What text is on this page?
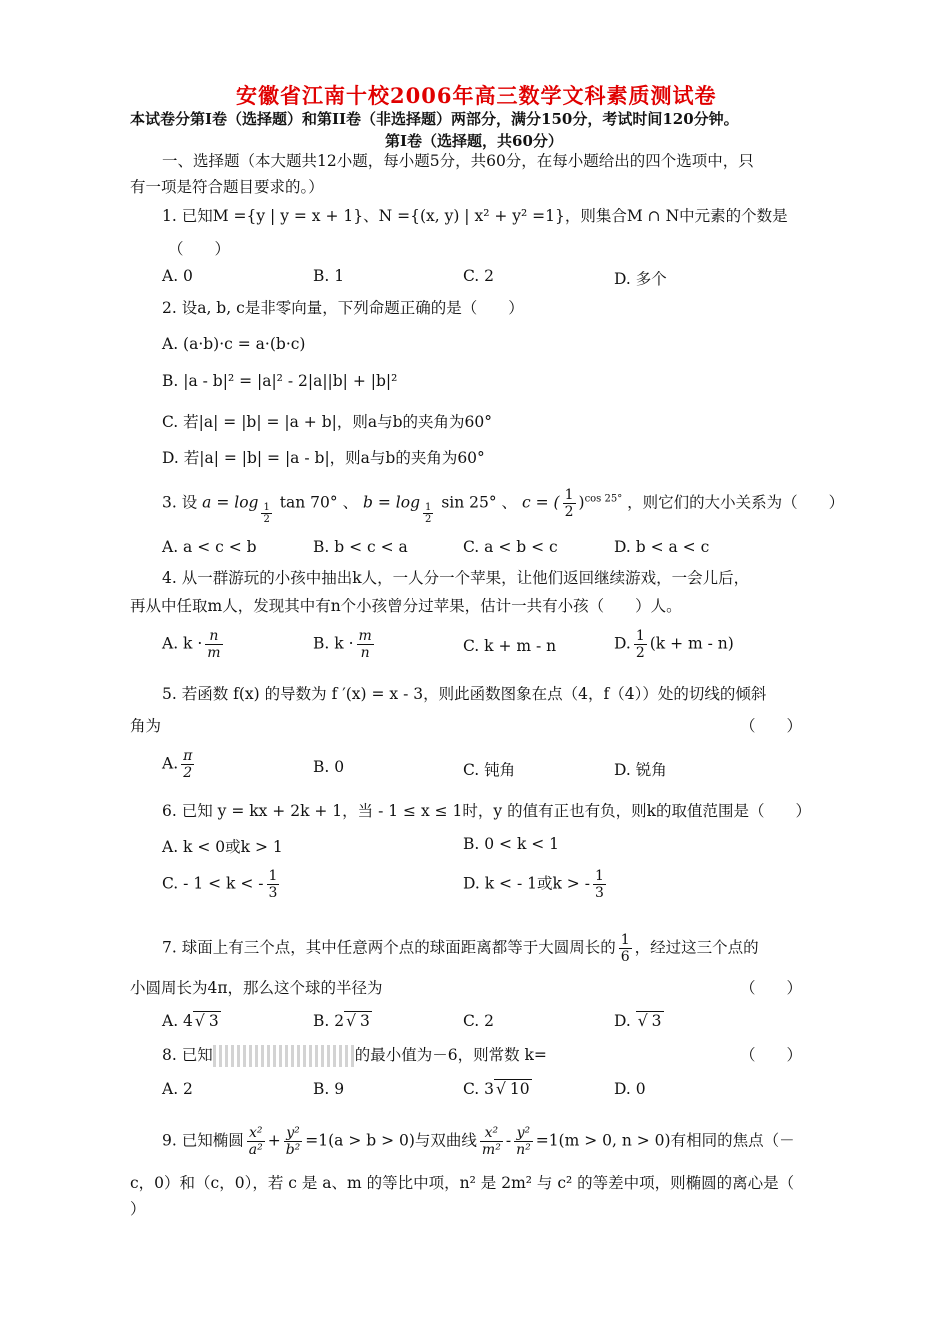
安徽省江南十校2006年高三数学文科素质测试卷
本试卷分第I卷（选择题）和第II卷（非选择题）两部分，满分150分，考试时间120分钟。
第I卷（选择题，共60分）
一、选择题（本大题共12小题，每小题5分，共60分，在每小题给出的四个选项中，只
有一项是符合题目要求的。）
1. 已知M ={y | y = x + 1}、N ={(x, y) | x² + y² =1}，则集合M ∩ N中元素的个数是
（　　）
A. 0	B. 1	C. 2	D. 多个
2. 设a, b, c是非零向量，下列命题正确的是（　　）
A. (a·b)·c = a·(b·c)
B. |a - b|² = |a|² - 2|a||b| + |b|²
C. 若|a| = |b| = |a + b|，则a与b的夹角为60°
D. 若|a| = |b| = |a - b|，则a与b的夹角为60°
3. 设 $a = \log \frac{1}{2}$ tan 70° 、 $b = \log \frac{1}{2}$ sin 25° 、 c = ( $\frac{1}{2} )^{cos 25^\circ}$ ，则它们的大小关系为（　　）
A. a < c < b	B. b < c < a	C. a < b < c	D. b < a < c
4. 从一群游玩的小孩中抽出k人，一人分一个苹果，让他们返回继续游戏，一会儿后，
再从中任取m人，发现其中有n个小孩曾分过苹果，估计一共有小孩（　　）人。
A. $k \cdot \frac{n}{m}$	B. $k \cdot \frac{m}{n}$	C. k + m - n	D. $\frac{1}{2} (k + m - n)$
5. 若函数 f(x) 的导数为 f ′(x) = x - 3，则此函数图象在点（4，f（4））处的切线的倾斜
角为	（　　）
A. $\frac{\pi}{2}$	B. 0	C. 钝角	D. 锐角
6. 已知 y = kx + 2k + 1，当 - 1 ≤ x ≤ 1时，y 的值有正也有负，则k的取值范围是（　　）
A. k < 0或k > 1	B. 0 < k < 1
C. - 1 < k < - $\frac{1}{3}$	D. k < - 1或k > - $\frac{1}{3}$
7. 球面上有三个点，其中任意两个点的球面距离都等于大圆周长的 $\frac{1}{6}$ ，经过这三个点的
小圆周长为4π，那么这个球的半径为	（　　）
A. 4 √ 3	B. 2 √ 3	C. 2	D. √ 3
8. 已知	的最小值为－6，则常数 k=	（　　）
A. 2	B. 9	C. 3 √ 10	D. 0
9. 已知椭圆 $\frac{\text{x²}}{\text{a²}} + \frac{\text{y²}}{\text{b²}} =1(a > b > 0)$与双曲线 $\frac{\text{x²}}{\text{m²}} - \frac{\text{y²}}{\text{n²}} =1(m > 0$, n > 0)有相同的焦点（－
c，0）和（c，0），若 c 是 a、m 的等比中项，n² 是 2m² 与 c² 的等差中项，则椭圆的离心是（
）
